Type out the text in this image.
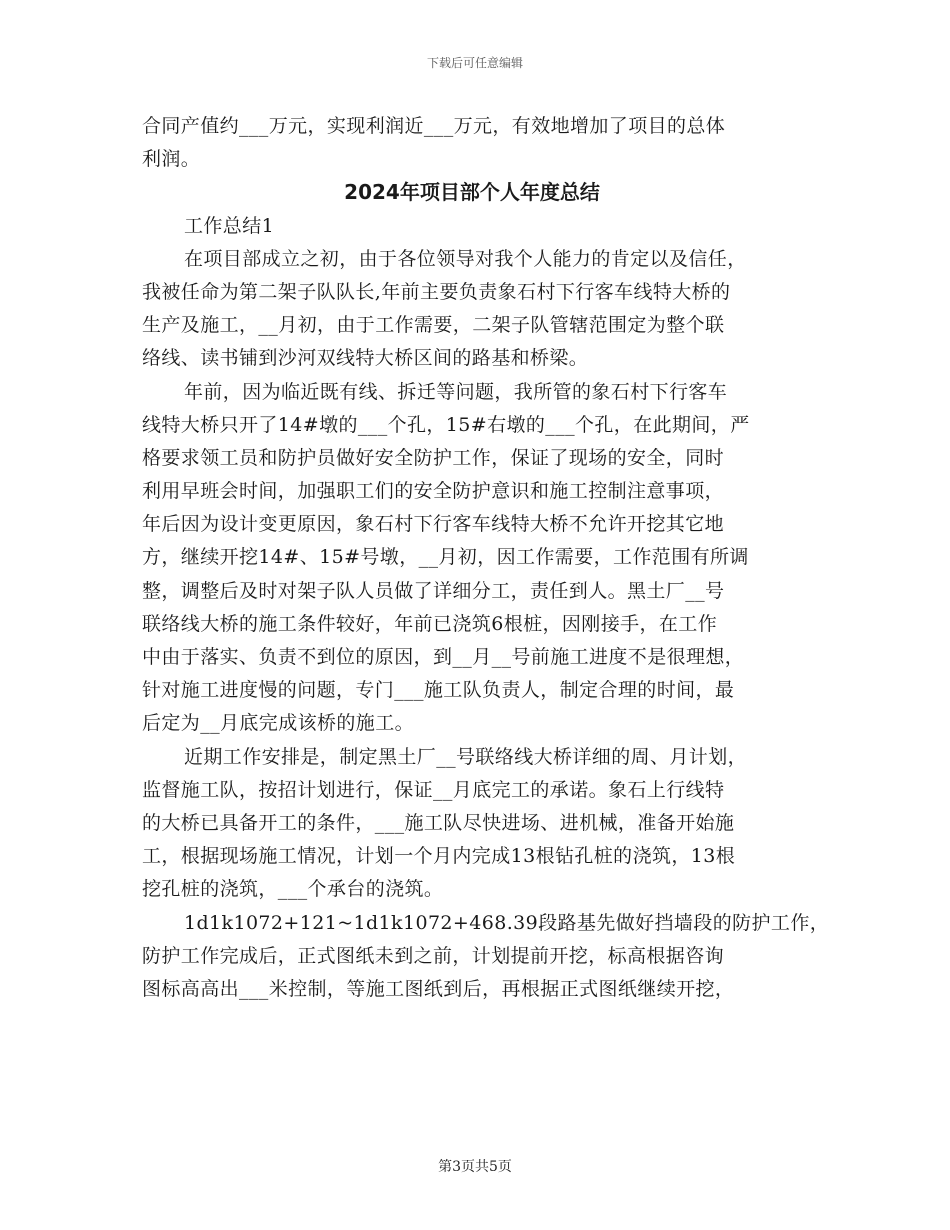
下载后可任意编辑
合同产值约___万元，实现利润近___万元，有效地增加了项目的总体
利润。
2024年项目部个人年度总结
工作总结1
在项目部成立之初，由于各位领导对我个人能力的肯定以及信任，
我被任命为第二架子队队长,年前主要负责象石村下行客车线特大桥的
生产及施工，__月初，由于工作需要，二架子队管辖范围定为整个联
络线、读书铺到沙河双线特大桥区间的路基和桥梁。
年前，因为临近既有线、拆迁等问题，我所管的象石村下行客车
线特大桥只开了14#墩的___个孔，15#右墩的___个孔，在此期间，严
格要求领工员和防护员做好安全防护工作，保证了现场的安全，同时
利用早班会时间，加强职工们的安全防护意识和施工控制注意事项，
年后因为设计变更原因，象石村下行客车线特大桥不允许开挖其它地
方，继续开挖14#、15#号墩，__月初，因工作需要，工作范围有所调
整，调整后及时对架子队人员做了详细分工，责任到人。黑土厂__号
联络线大桥的施工条件较好，年前已浇筑6根桩，因刚接手，在工作
中由于落实、负责不到位的原因，到__月__号前施工进度不是很理想，
针对施工进度慢的问题，专门___施工队负责人，制定合理的时间，最
后定为__月底完成该桥的施工。
近期工作安排是，制定黑土厂__号联络线大桥详细的周、月计划，
监督施工队，按招计划进行，保证__月底完工的承诺。象石上行线特
的大桥已具备开工的条件，___施工队尽快进场、进机械，准备开始施
工，根据现场施工情况，计划一个月内完成13根钻孔桩的浇筑，13根
挖孔桩的浇筑，___个承台的浇筑。
1d1k1072+121~1d1k1072+468.39段路基先做好挡墙段的防护工作，
防护工作完成后，正式图纸未到之前，计划提前开挖，标高根据咨询
图标高高出___米控制，等施工图纸到后，再根据正式图纸继续开挖，
第3页共5页
